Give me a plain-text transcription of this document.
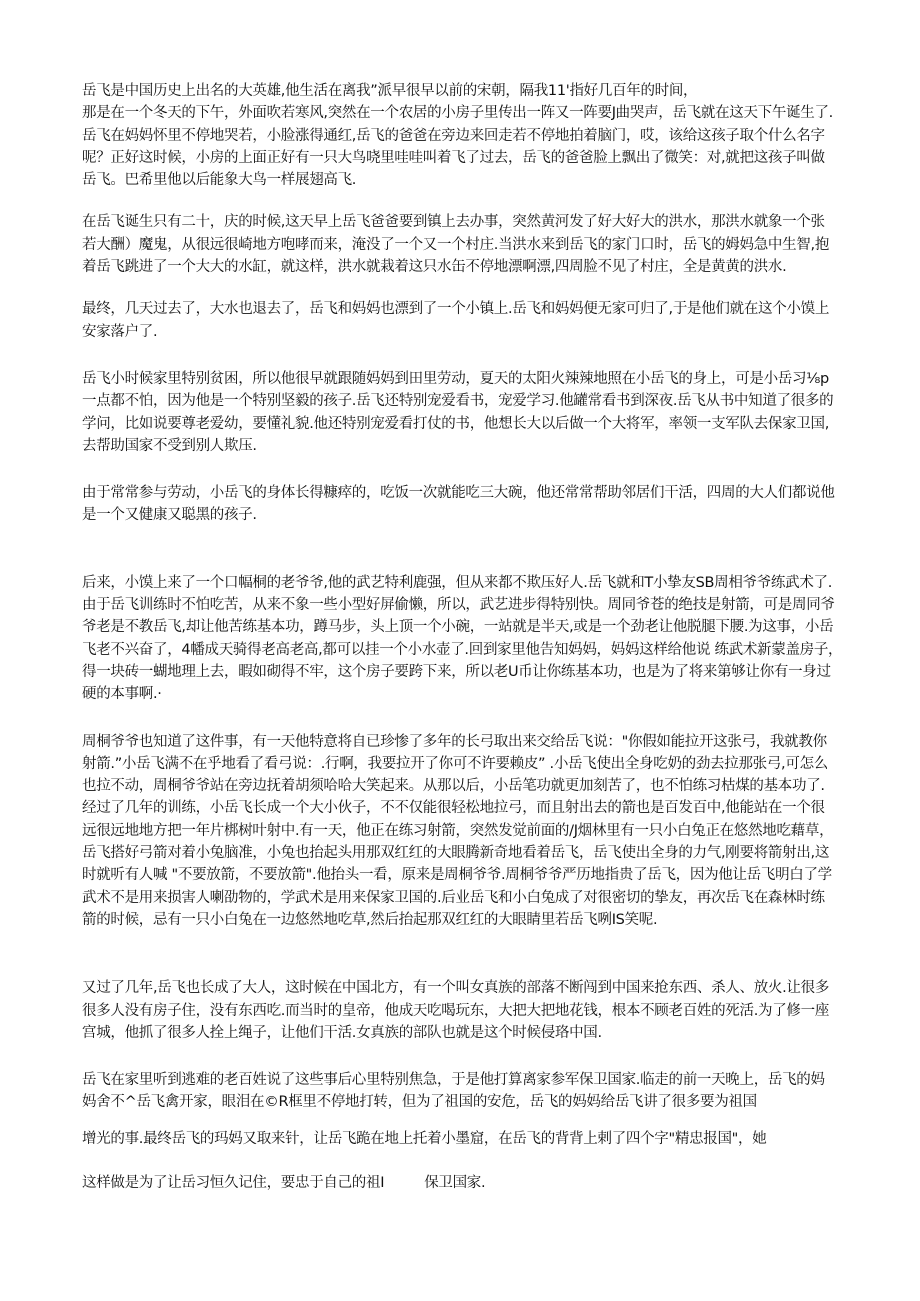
岳飞是中国历史上出名的大英雄,他生活在离我”派早很早以前的宋朝，隔我11'指好几百年的时间，

那是在一个冬天的下午，外面吹若寒风,突然在一个农居的小房子里传出一阵又一阵要J曲哭声，岳飞就在这天下午诞生了.

岳飞在妈妈怀里不停地哭若，小脸涨得通红,岳飞的爸爸在旁边来回走若不停地拍着脑门，哎，该给这孩子取个什么名字

呢？正好这时候，小房的上面正好有一只大鸟哓里哇哇叫着飞了过去，岳飞的爸爸脸上飘出了微笑：对,就把这孩子叫做

岳飞。巴希里他以后能象大鸟一样展翅高飞.

在岳飞诞生只有二十，庆的时候,这天早上岳飞爸爸要到镇上去办事，突然黄河发了好大好大的洪水，那洪水就象一个张

若大酬）魔鬼，从很远很崎地方咆哮而来，淹没了一个又一个村庄.当洪水来到岳飞的家门口时，岳飞的姆妈急中生智,抱

着岳飞跳进了一个大大的水缸，就这样，洪水就栽着这只水缶不停地漂啊漂,四周脸不见了村庄，全是黄黄的洪水.

最终，几天过去了，大水也退去了，岳飞和妈妈也漂到了一个小镇上.岳飞和妈妈便无家可归了,于是他们就在这个小馍上

安家落户了.

岳飞小时候家里特别贫困，所以他很早就跟随妈妈到田里劳动，夏天的太阳火辣辣地照在小岳飞的身上，可是小岳习⅛p

一点都不怕，因为他是一个特别坚毅的孩子.岳飞还特别宠爱看书，宠爱学习.他罐常看书到深夜.岳飞从书中知道了很多的

学问，比如说要尊老爱幼，要懂礼貌.他还特别宠爱看打仗的书，他想长大以后做一个大将军，率领一支军队去保家卫国,

去帮助国家不受到别人欺压.

由于常常参与劳动，小岳飞的身体长得糠瘁的，吃饭一次就能吃三大碗，他还常常帮助邻居们干活，四周的大人们都说他

是一个又健康又聪黑的孩子.

后来，小馍上来了一个口幅桐的老爷爷,他的武艺特利鹿强，但从来都不欺压好人.岳飞就和T小挚友SB周相爷爷练武术了.

由于岳飞训练时不怕吃苦，从来不象一些小型好屏偷懒，所以，武艺进步得特别快。周同爷苍的绝技是射箭，可是周同爷

爷老是不教岳飞,却让他苦练基本功，蹲马步，头上顶一个小碗，一站就是半天,或是一个劲老让他脱腿下腰.为这事，小岳

飞老不兴奋了，4幡成天骑得老高老高,都可以挂一个小水壶了.回到家里他告知妈妈，妈妈这样给他说 练武术新蒙盖房子，

得一块砖一蝴地理上去，暇如砌得不牢，这个房子要跨下来，所以老U币让你练基本功，也是为了将来第够让你有一身过

硬的本事啊.·

周桐爷爷也知道了这件事，有一天他特意将自已珍惨了多年的长弓取出来交给岳飞说："你假如能拉开这张弓，我就教你

射箭.”小岳飞满不在乎地看了看弓说：.行啊，我要拉开了你可不许要赖皮” .小岳飞使出全身吃奶的劲去拉那张弓,可怎么

也拉不动，周桐爷爷站在旁边抚着胡须哈哈大笑起来。从那以后，小岳笔功就更加刻苦了，也不怕练习枯煤的基本功了.

经过了几年的训练，小岳飞长成一个大小伙子，不不仅能很轻松地拉弓，而且射出去的箭也是百发百中,他能站在一个很

远很远地地方把一年片梆树叶射中.有一天，他正在练习射箭，突然发觉前面的/J烟林里有一只小白兔正在悠然地吃藉草，

岳飞搭好弓箭对着小兔脑准，小兔也抬起头用那双红红的大眼腾新奇地看着岳飞，岳飞使出全身的力气,刚要将箭射出,这

时就听有人喊 "不要放箭，不要放箭".他抬头一看，原来是周桐爷爷.周桐爷爷严历地指贵了岳飞，因为他让岳飞明白了学

武术不是用来损害人喇劭物的，学武术是用来保家卫国的.后业岳飞和小白兔成了对很密切的挚友，再次岳飞在森林时练

箭的时候，忌有一只小白兔在一边悠然地吃草,然后抬起那双红红的大眼睛里若岳飞咧IS笑呢.

又过了几年,岳飞也长成了大人，这时候在中国北方，有一个叫女真族的部落不断闯到中国来抢东西、杀人、放火.让很多

很多人没有房子住，没有东西吃.而当时的皇帝，他成天吃喝玩东，大把大把地花钱，根本不顾老百姓的死活.为了修一座

宫城，他抓了很多人拴上绳子，让他们干活.女真族的部队也就是这个时候侵珞中国.

岳飞在家里听到逃难的老百姓说了这些事后心里特别焦急，于是他打算离家参军保卫国家.临走的前一天晚上，岳飞的妈

妈舍不^岳飞禽开家，眼泪在©R框里不停地打转，但为了祖国的安危，岳飞的妈妈给岳飞讲了很多要为祖国

增光的事.最终岳飞的玛妈又取来针，让岳飞跪在地上托着小墨窟，在岳飞的背背上剌了四个字"精忠报国"，她

这样做是为了让岳习恒久记住，要忠于自己的祖I	保卫国家.
